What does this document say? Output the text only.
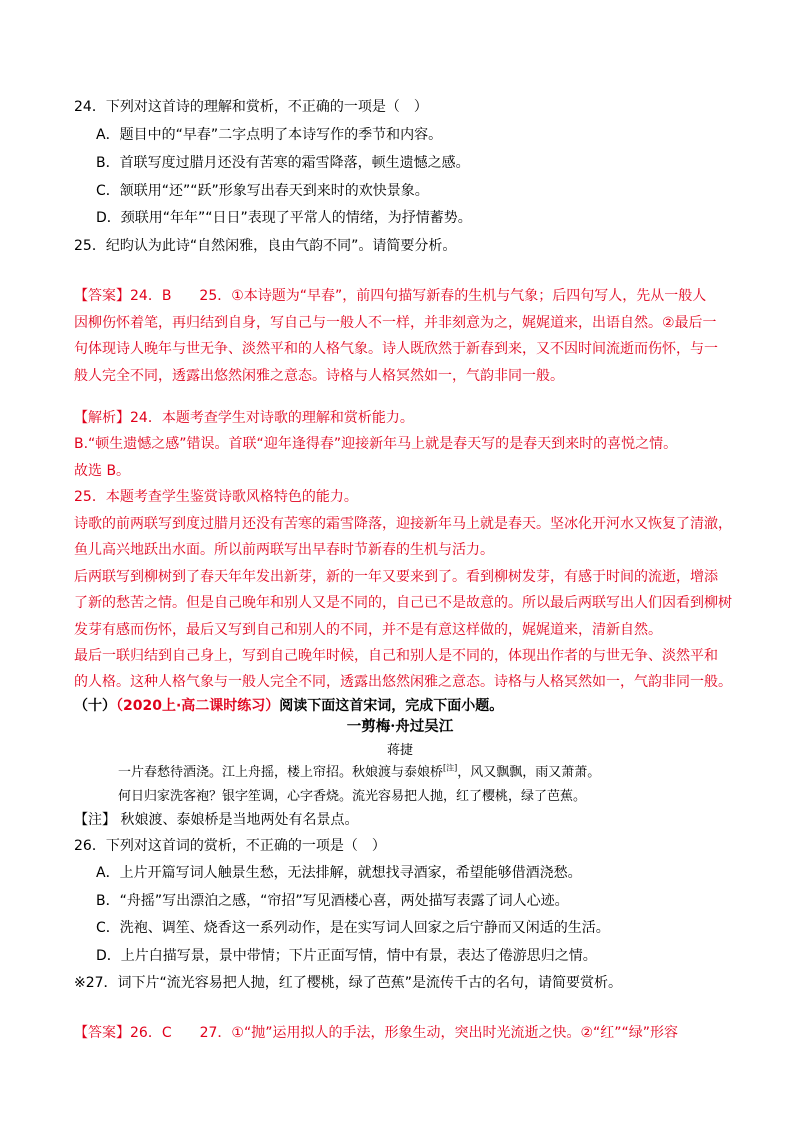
24．下列对这首诗的理解和赏析，不正确的一项是（　）
A．题目中的“早春”二字点明了本诗写作的季节和内容。
B．首联写度过腊月还没有苦寒的霜雪降落，顿生遗憾之感。
C．颔联用“还”“跃”形象写出春天到来时的欢快景象。
D．颈联用“年年”“日日”表现了平常人的情绪，为抒情蓄势。
25．纪昀认为此诗“自然闲雅，良由气韵不同”。请简要分析。
【答案】24．B　　25．①本诗题为“早春”，前四句描写新春的生机与气象；后四句写人，先从一般人
因柳伤怀着笔，再归结到自身，写自己与一般人不一样，并非刻意为之，娓娓道来，出语自然。②最后一
句体现诗人晚年与世无争、淡然平和的人格气象。诗人既欣然于新春到来，又不因时间流逝而伤怀，与一
般人完全不同，透露出悠然闲雅之意态。诗格与人格冥然如一，气韵非同一般。
【解析】24．本题考查学生对诗歌的理解和赏析能力。
B.“顿生遗憾之感”错误。首联“迎年逢得春”迎接新年马上就是春天写的是春天到来时的喜悦之情。
故选 B。
25．本题考查学生鉴赏诗歌风格特色的能力。
诗歌的前两联写到度过腊月还没有苦寒的霜雪降落，迎接新年马上就是春天。坚冰化开河水又恢复了清澈，
鱼儿高兴地跃出水面。所以前两联写出早春时节新春的生机与活力。
后两联写到柳树到了春天年年发出新芽，新的一年又要来到了。看到柳树发芽，有感于时间的流逝，增添
了新的愁苦之情。但是自己晚年和别人又是不同的，自己已不是故意的。所以最后两联写出人们因看到柳树
发芽有感而伤怀，最后又写到自己和别人的不同，并不是有意这样做的，娓娓道来，清新自然。
最后一联归结到自己身上，写到自己晚年时候，自己和别人是不同的，体现出作者的与世无争、淡然平和
的人格。这种人格气象与一般人完全不同，透露出悠然闲雅之意态。诗格与人格冥然如一，气韵非同一般。
（十）（2020上·高二课时练习）阅读下面这首宋词，完成下面小题。
一剪梅·舟过吴江
蒋捷
一片春愁待酒浇。江上舟摇，楼上帘招。秋娘渡与泰娘桥[注]，风又飘飘，雨又萧萧。
何日归家洗客袍？银字笙调，心字香烧。流光容易把人抛，红了樱桃，绿了芭蕉。
【注】 秋娘渡、泰娘桥是当地两处有名景点。
26．下列对这首词的赏析，不正确的一项是（　）
A．上片开篇写词人触景生愁，无法排解，就想找寻酒家，希望能够借酒浇愁。
B．“舟摇”写出漂泊之感，“帘招”写见酒楼心喜，两处描写表露了词人心迹。
C．洗袍、调笙、烧香这一系列动作，是在实写词人回家之后宁静而又闲适的生活。
D．上片白描写景，景中带情；下片正面写情，情中有景，表达了倦游思归之情。
※27．词下片“流光容易把人抛，红了樱桃，绿了芭蕉”是流传千古的名句，请简要赏析。
【答案】26．C　　27．①“抛”运用拟人的手法，形象生动，突出时光流逝之快。②“红”“绿”形容
